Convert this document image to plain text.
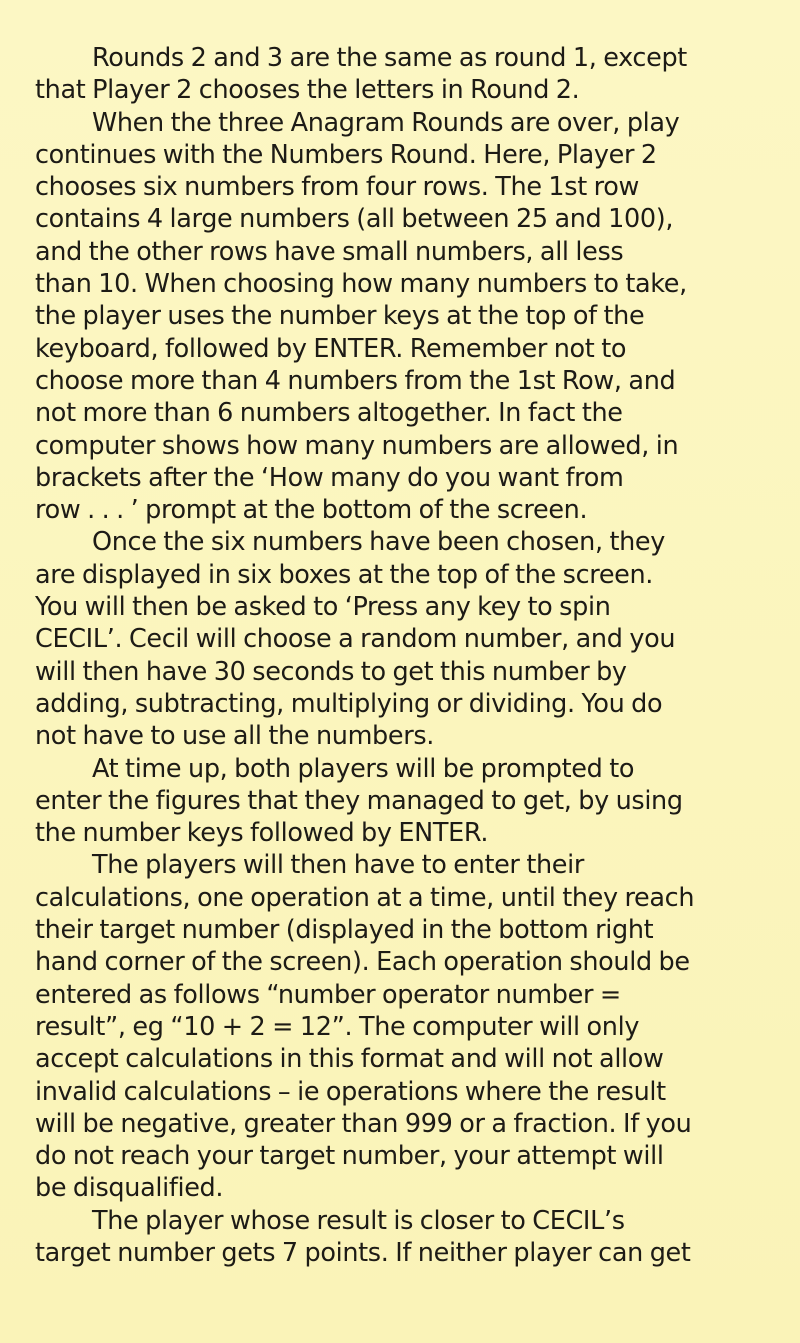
Rounds 2 and 3 are the same as round 1, except
that Player 2 chooses the letters in Round 2.
When the three Anagram Rounds are over, play
continues with the Numbers Round. Here, Player 2
chooses six numbers from four rows. The 1st row
contains 4 large numbers (all between 25 and 100),
and the other rows have small numbers, all less
than 10. When choosing how many numbers to take,
the player uses the number keys at the top of the
keyboard, followed by ENTER. Remember not to
choose more than 4 numbers from the 1st Row, and
not more than 6 numbers altogether. In fact the
computer shows how many numbers are allowed, in
brackets after the ‘How many do you want from
row . . . ’ prompt at the bottom of the screen.
Once the six numbers have been chosen, they
are displayed in six boxes at the top of the screen.
You will then be asked to ‘Press any key to spin
CECIL’. Cecil will choose a random number, and you
will then have 30 seconds to get this number by
adding, subtracting, multiplying or dividing. You do
not have to use all the numbers.
At time up, both players will be prompted to
enter the figures that they managed to get, by using
the number keys followed by ENTER.
The players will then have to enter their
calculations, one operation at a time, until they reach
their target number (displayed in the bottom right
hand corner of the screen). Each operation should be
entered as follows “number operator number =
result”, eg “10 + 2 = 12”. The computer will only
accept calculations in this format and will not allow
invalid calculations – ie operations where the result
will be negative, greater than 999 or a fraction. If you
do not reach your target number, your attempt will
be disqualified.
The player whose result is closer to CECIL’s
target number gets 7 points. If neither player can get
